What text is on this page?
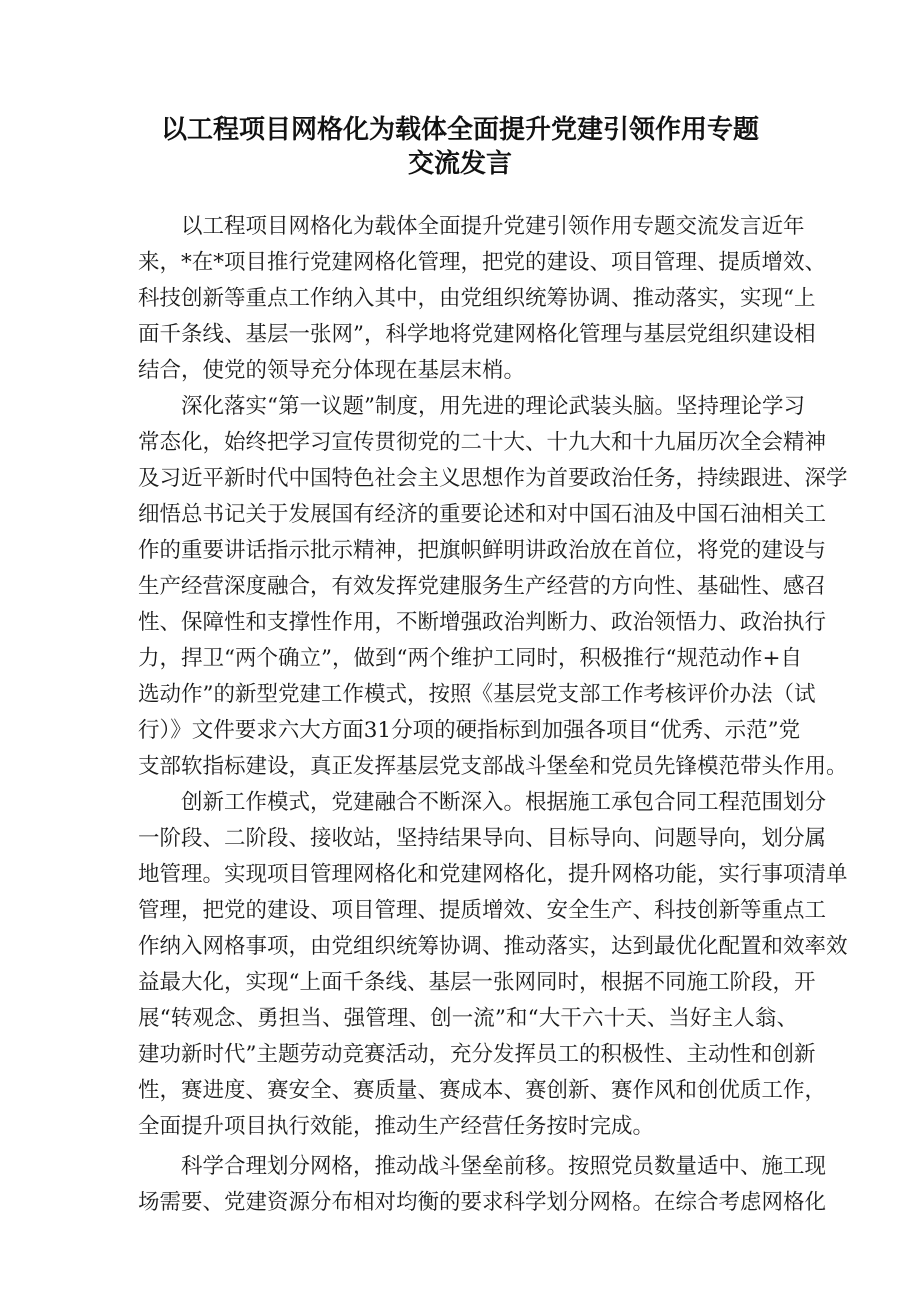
以工程项目网格化为载体全面提升党建引领作用专题
交流发言
以工程项目网格化为载体全面提升党建引领作用专题交流发言近年
来，*在*项目推行党建网格化管理，把党的建设、项目管理、提质增效、
科技创新等重点工作纳入其中，由党组织统筹协调、推动落实，实现“上
面千条线、基层一张网”，科学地将党建网格化管理与基层党组织建设相
结合，使党的领导充分体现在基层末梢。
深化落实“第一议题”制度，用先进的理论武装头脑。坚持理论学习
常态化，始终把学习宣传贯彻党的二十大、十九大和十九届历次全会精神
及习近平新时代中国特色社会主义思想作为首要政治任务，持续跟进、深学
细悟总书记关于发展国有经济的重要论述和对中国石油及中国石油相关工
作的重要讲话指示批示精神，把旗帜鲜明讲政治放在首位，将党的建设与
生产经营深度融合，有效发挥党建服务生产经营的方向性、基础性、感召
性、保障性和支撑性作用，不断增强政治判断力、政治领悟力、政治执行
力，捍卫“两个确立”，做到“两个维护工同时，积极推行“规范动作+自
选动作”的新型党建工作模式，按照《基层党支部工作考核评价办法（试
行）》文件要求六大方面31分项的硬指标到加强各项目“优秀、示范”党
支部软指标建设，真正发挥基层党支部战斗堡垒和党员先锋模范带头作用。
创新工作模式，党建融合不断深入。根据施工承包合同工程范围划分
一阶段、二阶段、接收站，坚持结果导向、目标导向、问题导向，划分属
地管理。实现项目管理网格化和党建网格化，提升网格功能，实行事项清单
管理，把党的建设、项目管理、提质增效、安全生产、科技创新等重点工
作纳入网格事项，由党组织统筹协调、推动落实，达到最优化配置和效率效
益最大化，实现“上面千条线、基层一张网同时，根据不同施工阶段，开
展“转观念、勇担当、强管理、创一流”和“大干六十天、当好主人翁、
建功新时代”主题劳动竞赛活动，充分发挥员工的积极性、主动性和创新
性，赛进度、赛安全、赛质量、赛成本、赛创新、赛作风和创优质工作，
全面提升项目执行效能，推动生产经营任务按时完成。
科学合理划分网格，推动战斗堡垒前移。按照党员数量适中、施工现
场需要、党建资源分布相对均衡的要求科学划分网格。在综合考虑网格化
